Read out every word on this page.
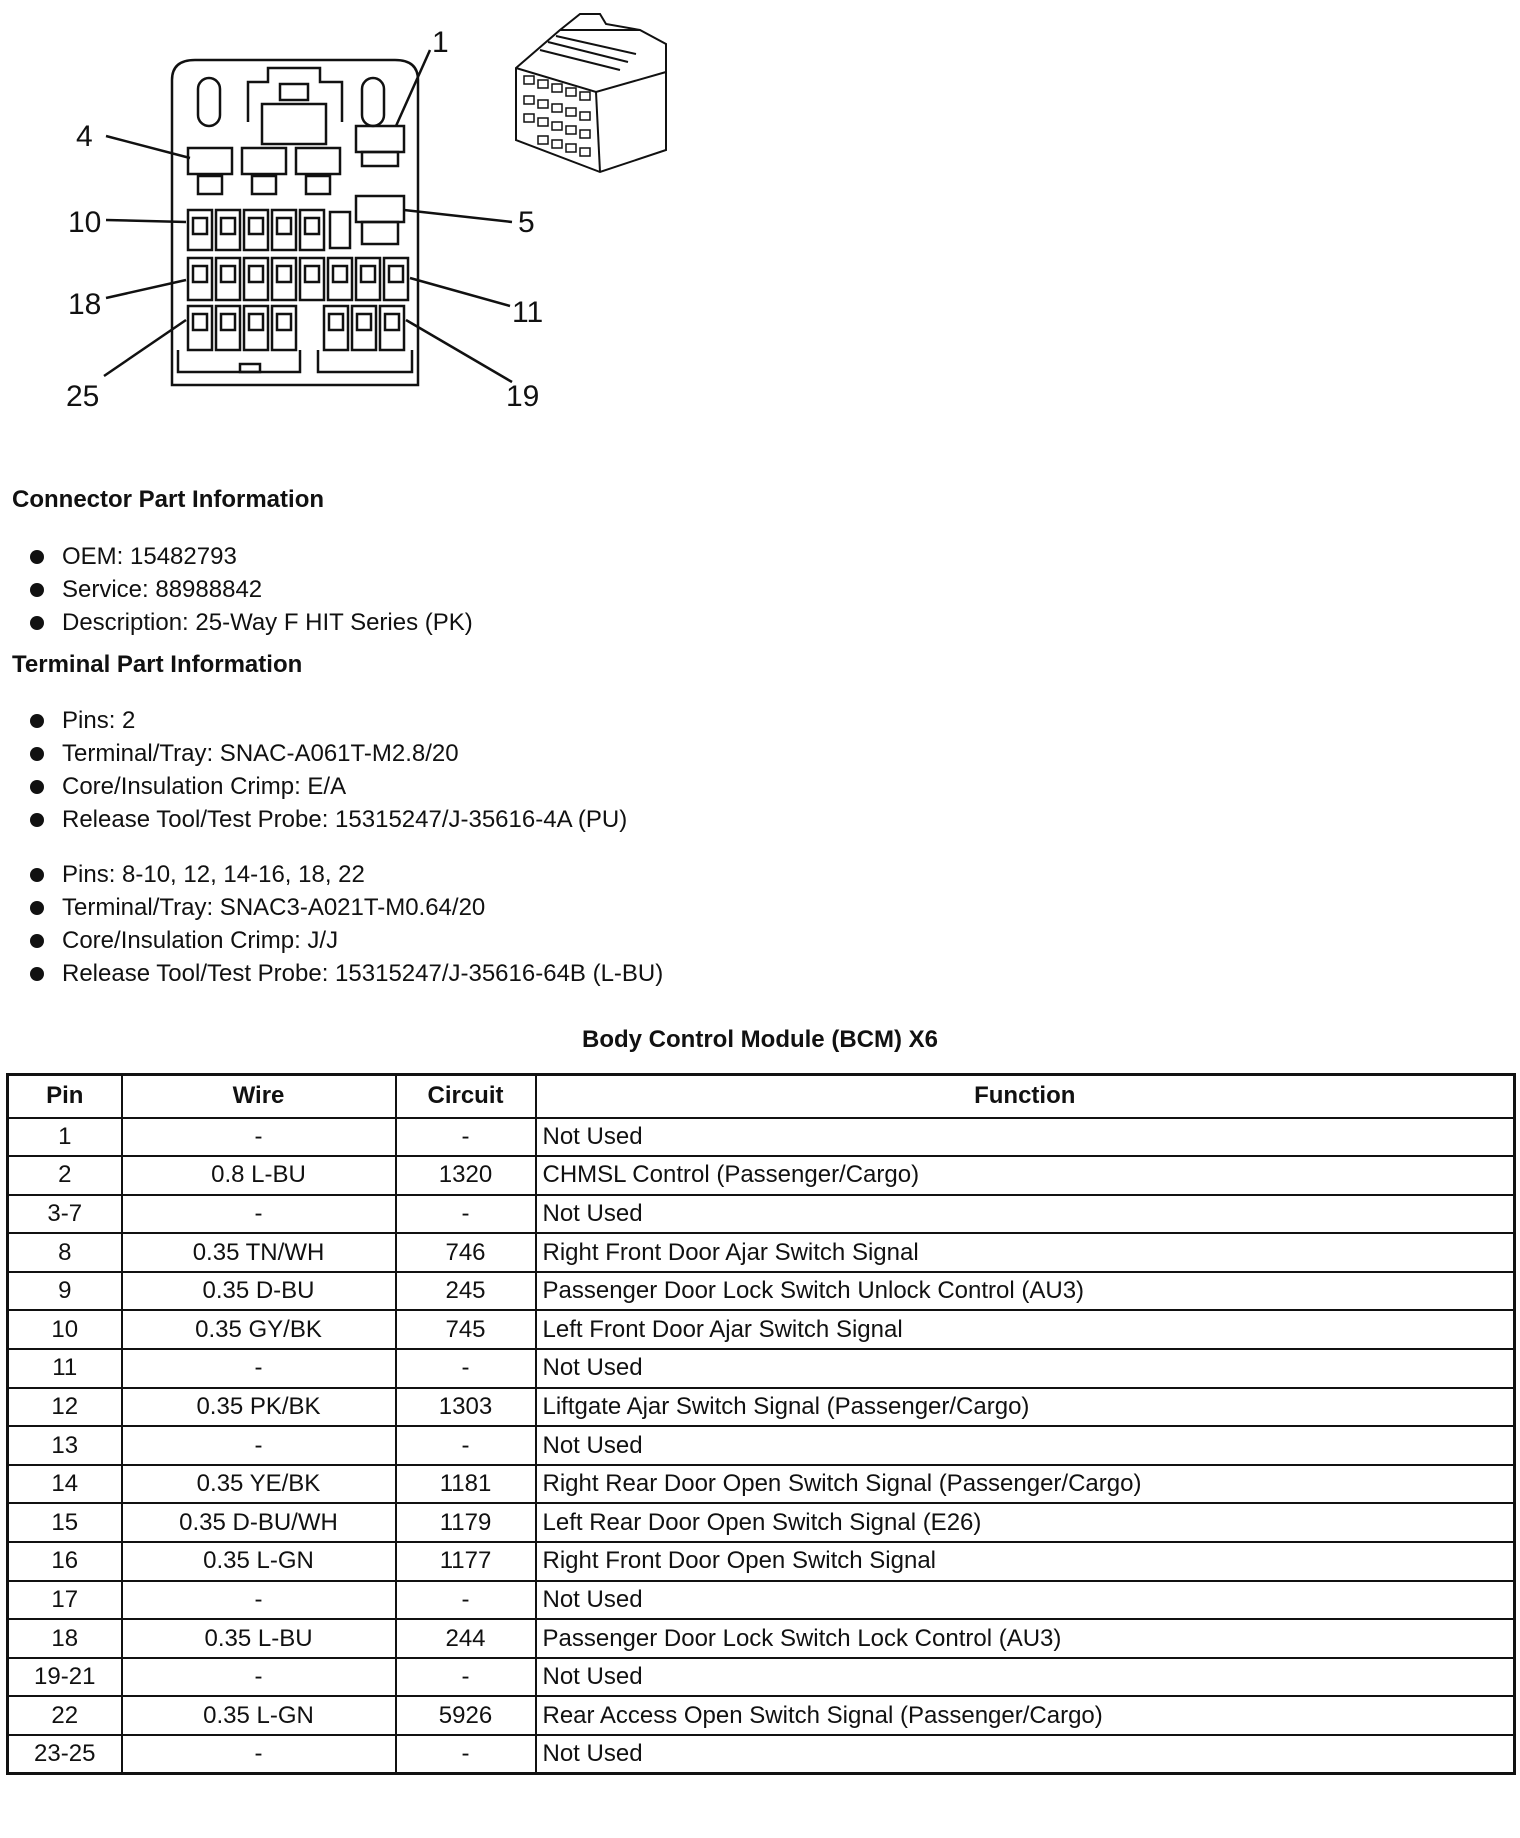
1
4
10	5
18	11
25	19
Connector Part Information
OEM: 15482793
Service: 88988842
Description: 25-Way F HIT Series (PK)
Terminal Part Information
Pins: 2
Terminal/Tray: SNAC-A061T-M2.8/20
Core/Insulation Crimp: E/A
Release Tool/Test Probe: 15315247/J-35616-4A (PU)
Pins: 8-10, 12, 14-16, 18, 22
Terminal/Tray: SNAC3-A021T-M0.64/20
Core/Insulation Crimp: J/J
Release Tool/Test Probe: 15315247/J-35616-64B (L-BU)
Body Control Module (BCM) X6
Pin	Wire	Circuit	Function
1	-	-	Not Used
2	0.8 L-BU	1320	CHMSL Control (Passenger/Cargo)
3-7	-	-	Not Used
8	0.35 TN/WH	746	Right Front Door Ajar Switch Signal
9	0.35 D-BU	245	Passenger Door Lock Switch Unlock Control (AU3)
10	0.35 GY/BK	745	Left Front Door Ajar Switch Signal
11	-	-	Not Used
12	0.35 PK/BK	1303	Liftgate Ajar Switch Signal (Passenger/Cargo)
13	-	-	Not Used
14	0.35 YE/BK	1181	Right Rear Door Open Switch Signal (Passenger/Cargo)
15	0.35 D-BU/WH	1179	Left Rear Door Open Switch Signal (E26)
16	0.35 L-GN	1177	Right Front Door Open Switch Signal
17	-	-	Not Used
18	0.35 L-BU	244	Passenger Door Lock Switch Lock Control (AU3)
19-21	-	-	Not Used
22	0.35 L-GN	5926	Rear Access Open Switch Signal (Passenger/Cargo)
23-25	-	-	Not Used
